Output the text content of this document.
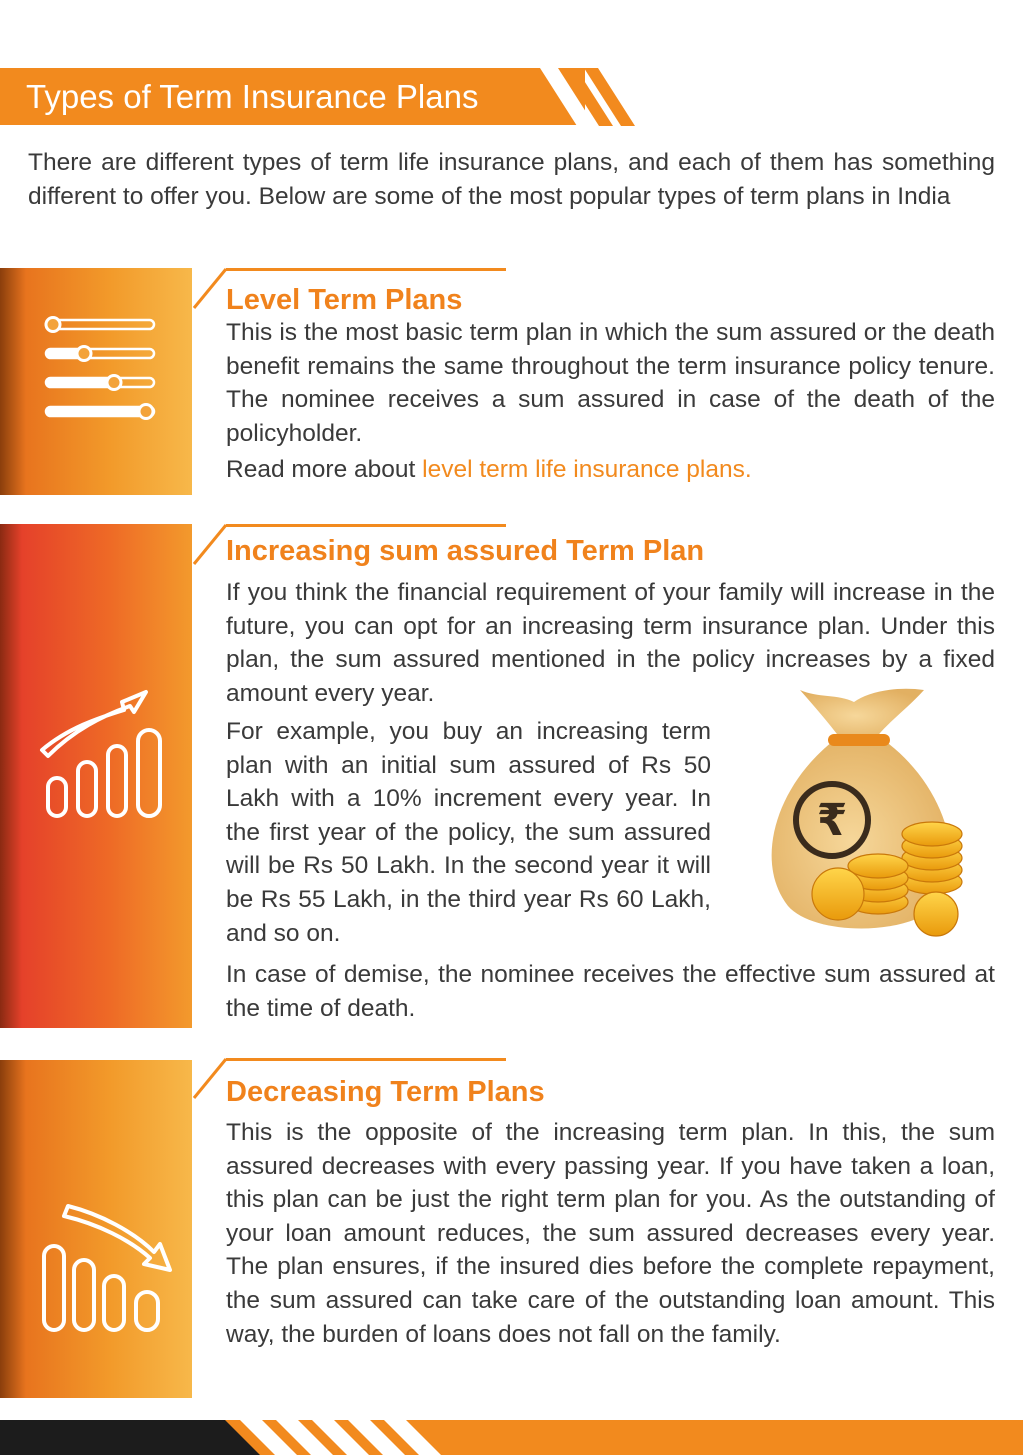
Types of Term Insurance Plans

There are different types of term life insurance plans, and each of them has something different to offer you. Below are some of the most popular types of term plans in India

Level Term Plans

This is the most basic term plan in which the sum assured or the death benefit remains the same throughout the term insurance policy tenure. The nominee receives a sum assured in case of the death of the policyholder.

Read more about level term life insurance plans.

Increasing sum assured Term Plan

If you think the financial requirement of your family will increase in the future, you can opt for an increasing term insurance plan. Under this plan, the sum assured mentioned in the policy increases by a fixed amount every year.

For example, you buy an increasing term plan with an initial sum assured of Rs 50 Lakh with a 10% increment every year. In the first year of the policy, the sum assured will be Rs 50 Lakh. In the second year it will be Rs 55 Lakh, in the third year Rs 60 Lakh, and so on.

In case of demise, the nominee receives the effective sum assured at the time of death.

₹
Decreasing Term Plans

This is the opposite of the increasing term plan. In this, the sum assured decreases with every passing year. If you have taken a loan, this plan can be just the right term plan for you. As the outstanding of your loan amount reduces, the sum assured decreases every year. The plan ensures, if the insured dies before the complete repayment, the sum assured can take care of the outstanding loan amount. This way, the burden of loans does not fall on the family.
